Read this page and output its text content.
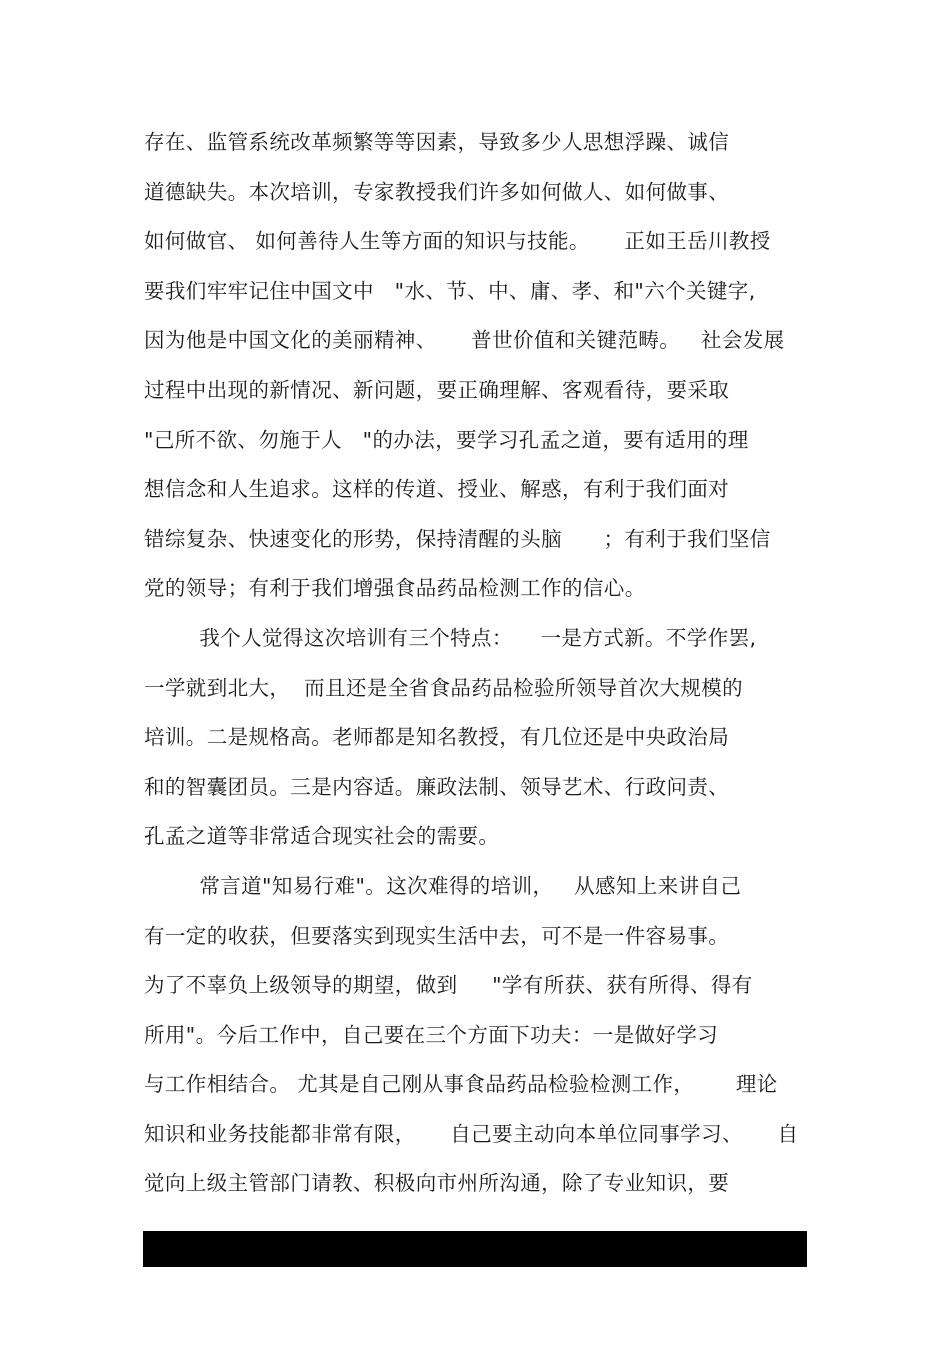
存在、监管系统改革频繁等等因素，导致多少人思想浮躁、诚信
道德缺失。本次培训，专家教授我们许多如何做人、如何做事、
如何做官、 如何善待人生等方面的知识与技能。     正如王岳川教授
要我们牢牢记住中国文中   "水、节、中、庸、孝、和"六个关键字,
因为他是中国文化的美丽精神、     普世价值和关键范畴。   社会发展
过程中出现的新情况、新问题，要正确理解、客观看待，要采取
"己所不欲、勿施于人   "的办法，要学习孔孟之道，要有适用的理
想信念和人生追求。这样的传道、授业、解惑，有利于我们面对
错综复杂、快速变化的形势，保持清醒的头脑      ；有利于我们坚信
党的领导；有利于我们增强食品药品检测工作的信心。
我个人觉得这次培训有三个特点：    一是方式新。不学作罢,
一学就到北大，  而且还是全省食品药品检验所领导首次大规模的
培训。二是规格高。老师都是知名教授，有几位还是中央政治局
和的智囊团员。三是内容适。廉政法制、领导艺术、行政问责、
孔孟之道等非常适合现实社会的需要。
常言道"知易行难"。这次难得的培训，   从感知上来讲自己
有一定的收获，但要落实到现实生活中去，可不是一件容易事。
为了不辜负上级领导的期望，做到     "学有所获、获有所得、得有
所用"。今后工作中，自己要在三个方面下功夫：一是做好学习
与工作相结合。 尤其是自己刚从事食品药品检验检测工作，      理论
知识和业务技能都非常有限，     自己要主动向本单位同事学习、     自
觉向上级主管部门请教、积极向市州所沟通，除了专业知识，要
